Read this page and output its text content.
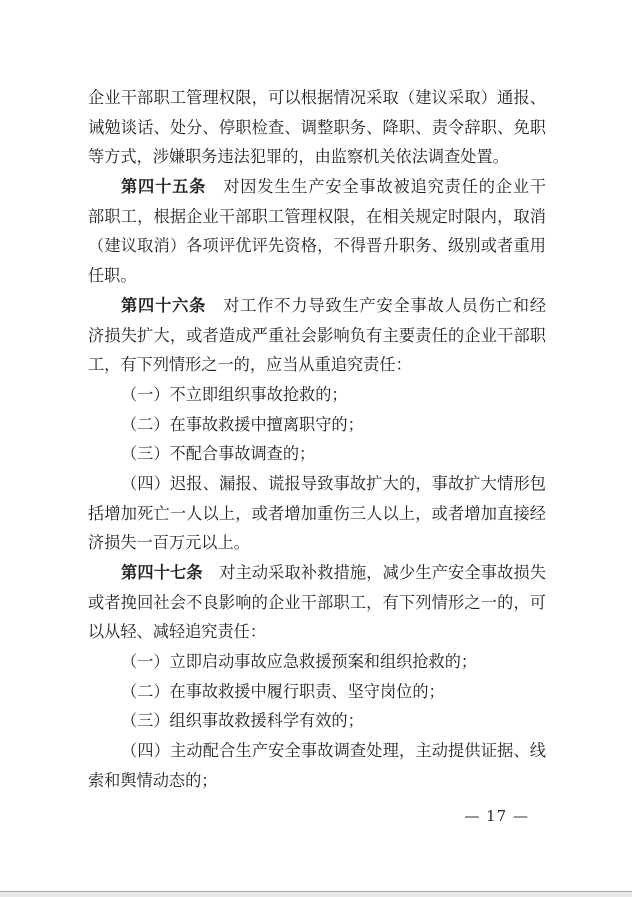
企业干部职工管理权限，可以根据情况采取（建议采取）通报、
诫勉谈话、处分、停职检查、调整职务、降职、责令辞职、免职
等方式，涉嫌职务违法犯罪的，由监察机关依法调查处置。
第四十五条　对因发生生产安全事故被追究责任的企业干
部职工，根据企业干部职工管理权限，在相关规定时限内，取消
（建议取消）各项评优评先资格，不得晋升职务、级别或者重用
任职。
第四十六条　对工作不力导致生产安全事故人员伤亡和经
济损失扩大，或者造成严重社会影响负有主要责任的企业干部职
工，有下列情形之一的，应当从重追究责任：
（一）不立即组织事故抢救的；
（二）在事故救援中擅离职守的；
（三）不配合事故调查的；
（四）迟报、漏报、谎报导致事故扩大的，事故扩大情形包
括增加死亡一人以上，或者增加重伤三人以上，或者增加直接经
济损失一百万元以上。
第四十七条　对主动采取补救措施，减少生产安全事故损失
或者挽回社会不良影响的企业干部职工，有下列情形之一的，可
以从轻、减轻追究责任：
（一）立即启动事故应急救援预案和组织抢救的；
（二）在事故救援中履行职责、坚守岗位的；
（三）组织事故救援科学有效的；
（四）主动配合生产安全事故调查处理，主动提供证据、线
索和舆情动态的；
— 17 —
